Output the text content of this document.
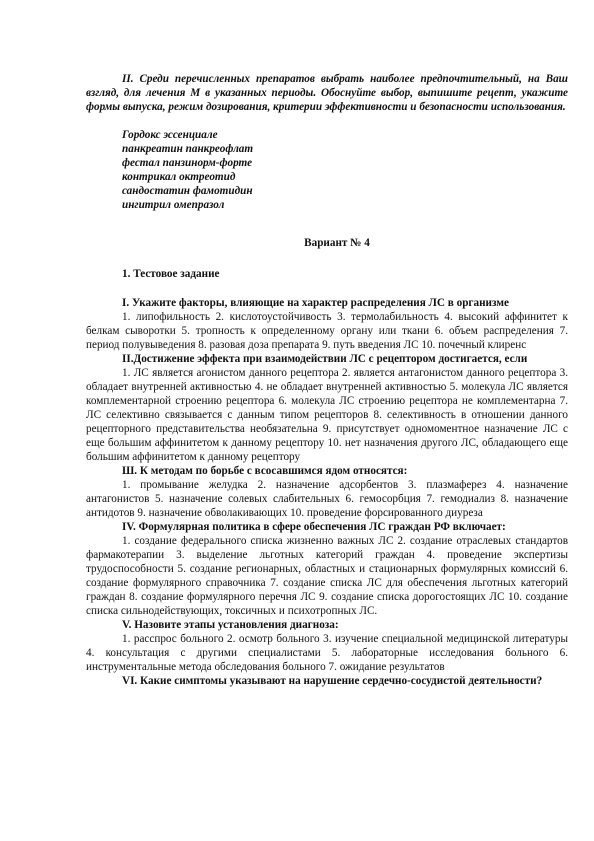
II. Среди перечисленных препаратов выбрать наиболее предпочтительный, на Ваш взгляд, для лечения М в указанных периоды. Обоснуйте выбор, выпишите рецепт, укажите формы выпуска, режим дозирования, критерии эффективности и безопасности использования.
Гордокс эссенциале
панкреатин панкреофлат
фестал панзинорм-форте
контрикал октреотид
сандостатин фамотидин
ингитрил омепразол
Вариант № 4
1. Тестовое задание
I. Укажите факторы, влияющие на характер распределения ЛС в организме
1. липофильность 2. кислотоустойчивость 3. термолабильность 4. высокий аффинитет к белкам сыворотки 5. тропность к определенному органу или ткани 6. объем распределения 7. период полувыведения 8. разовая доза препарата 9. путь введения ЛС 10. почечный клиренс
II.Достижение эффекта при взаимодействии ЛС с рецептором достигается, если
1. ЛС является агонистом данного рецептора 2. является антагонистом данного рецептора 3. обладает внутренней активностью 4. не обладает внутренней активностью 5. молекула ЛС является комплементарной строению рецептора 6. молекула ЛС строению рецептора не комплементарна 7. ЛС селективно связывается с данным типом рецепторов 8. селективность в отношении данного рецепторного представительства необязательна 9. присутствует одномоментное назначение ЛС с еще большим аффинитетом к данному рецептору 10. нет назначения другого ЛС, обладающего еще большим аффинитетом к данному рецептору
Ш. К методам по борьбе с всосавшимся ядом относятся:
1. промывание желудка 2. назначение адсорбентов 3. плазмаферез 4. назначение антагонистов 5. назначение солевых слабительных 6. гемосорбция 7. гемодиализ 8. назначение антидотов 9. назначение обволакивающих 10. проведение форсированного диуреза
IV. Формулярная политика в сфере обеспечения ЛС граждан РФ включает:
1. создание федерального списка жизненно важных ЛС 2. создание отраслевых стандартов фармакотерапии 3. выделение льготных категорий граждан 4. проведение экспертизы трудоспособности 5. создание регионарных, областных и стационарных формулярных комиссий 6. создание формулярного справочника 7. создание списка ЛС для обеспечения льготных категорий граждан 8. создание формулярного перечня ЛС 9. создание списка дорогостоящих ЛС 10. создание списка сильнодействующих, токсичных и психотропных ЛС.
V. Назовите этапы установления диагноза:
1. расспрос больного 2. осмотр больного 3. изучение специальной медицинской литературы 4. консультация с другими специалистами 5. лабораторные исследования больного 6. инструментальные метода обследования больного 7. ожидание результатов
VI. Какие симптомы указывают на нарушение сердечно-сосудистой деятельности?
